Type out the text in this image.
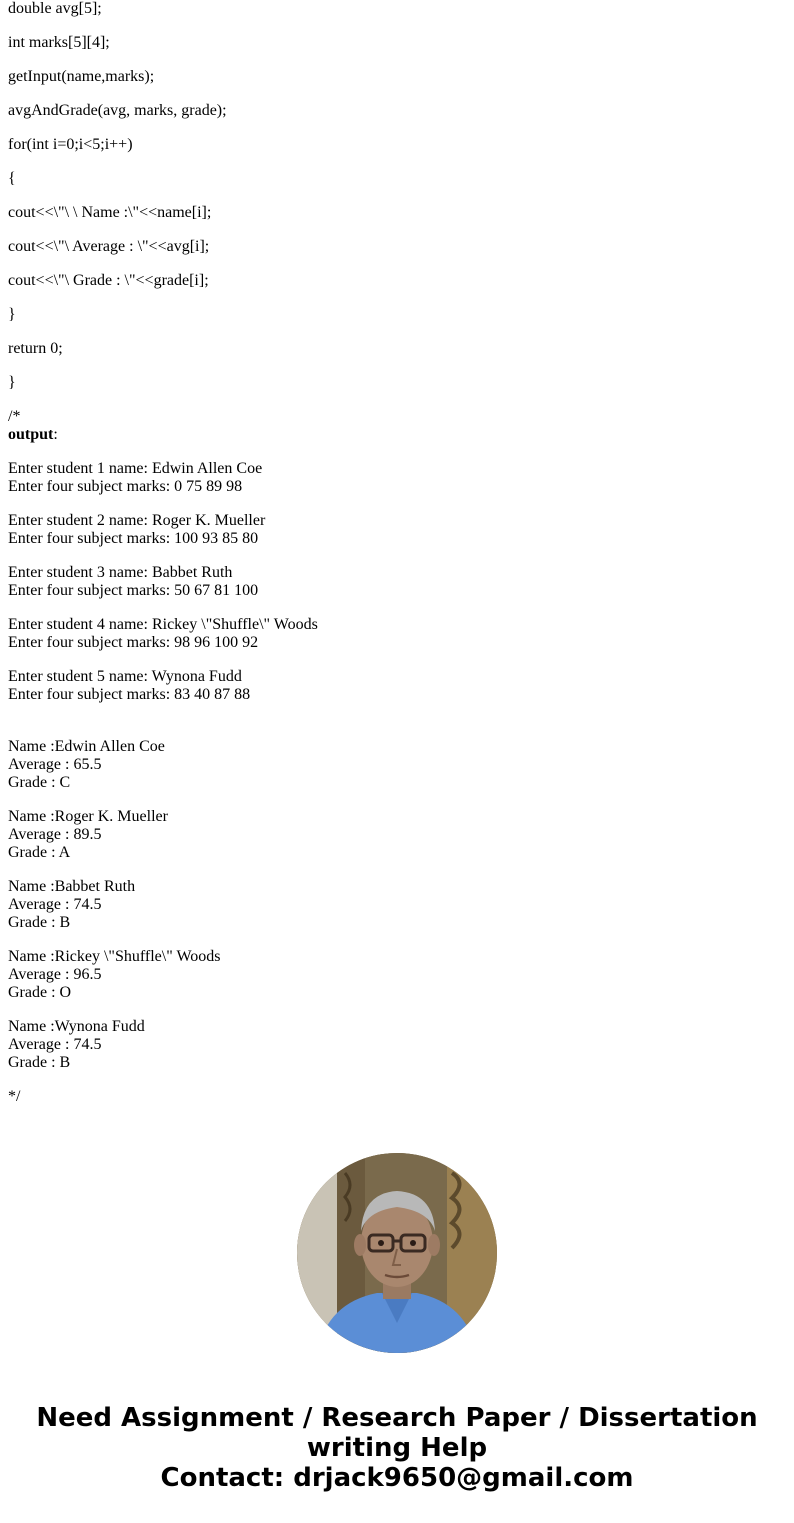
double avg[5];
int marks[5][4];
getInput(name,marks);
avgAndGrade(avg, marks, grade);
for(int i=0;i<5;i++)
{
cout<<\"\ \ Name :\"<<name[i];
cout<<\"\ Average : \"<<avg[i];
cout<<\"\ Grade : \"<<grade[i];
}
return 0;
}
/*
output:
Enter student 1 name: Edwin Allen Coe
Enter four subject marks: 0 75 89 98
Enter student 2 name: Roger K. Mueller
Enter four subject marks: 100 93 85 80
Enter student 3 name: Babbet Ruth
Enter four subject marks: 50 67 81 100
Enter student 4 name: Rickey \"Shuffle\" Woods
Enter four subject marks: 98 96 100 92
Enter student 5 name: Wynona Fudd
Enter four subject marks: 83 40 87 88
Name :Edwin Allen Coe
Average : 65.5
Grade : C
Name :Roger K. Mueller
Average : 89.5
Grade : A
Name :Babbet Ruth
Average : 74.5
Grade : B
Name :Rickey \"Shuffle\" Woods
Average : 96.5
Grade : O
Name :Wynona Fudd
Average : 74.5
Grade : B
*/
Need Assignment / Research Paper / Dissertation
writing Help
Contact: drjack9650@gmail.com
